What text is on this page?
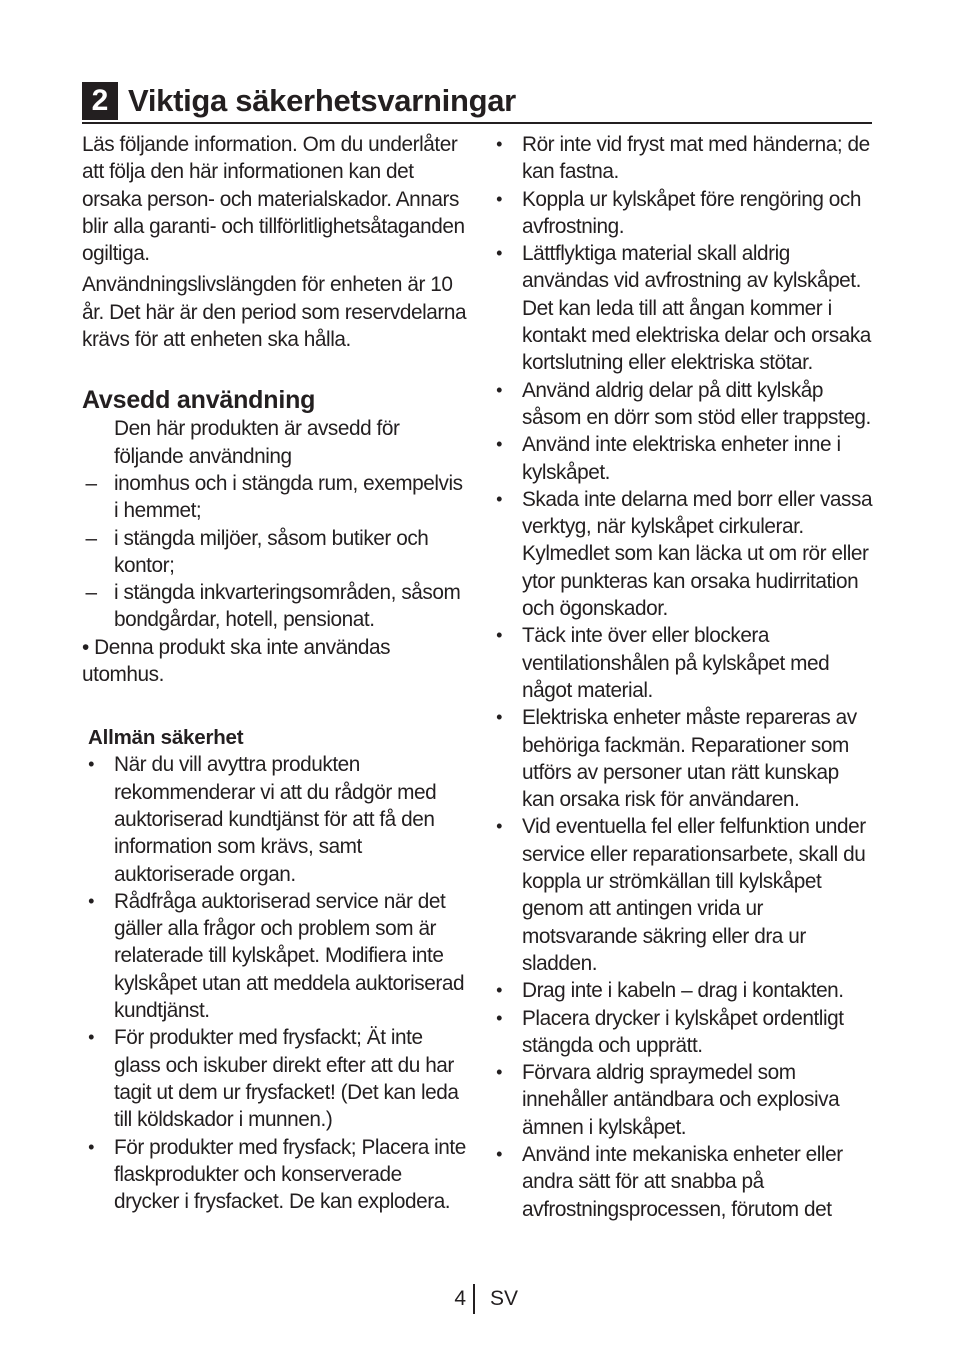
2 Viktiga säkerhetsvarningar

Läs följande information. Om du underlåter att följa den här informationen kan det orsaka person- och materialskador. Annars blir alla garanti- och tillförlitlighetsåtaganden ogiltiga.

Användningslivslängden för enheten är 10 år. Det här är den period som reservdelarna krävs för att enheten ska hålla.

Avsedd användning

Den här produkten är avsedd för följande användning

– inomhus och i stängda rum, exempelvis i hemmet;
– i stängda miljöer, såsom butiker och kontor;
– i stängda inkvarteringsområden, såsom bondgårdar, hotell, pensionat.

• Denna produkt ska inte användas utomhus.

Allmän säkerhet
• När du vill avyttra produkten rekommenderar vi att du rådgör med auktoriserad kundtjänst för att få den information som krävs, samt auktoriserade organ.
• Rådfråga auktoriserad service när det gäller alla frågor och problem som är relaterade till kylskåpet. Modifiera inte kylskåpet utan att meddela auktoriserad kundtjänst.
• För produkter med frysfackt; Ät inte glass och iskuber direkt efter att du har tagit ut dem ur frysfacket! (Det kan leda till köldskador i munnen.)
• För produkter med frysfack; Placera inte flaskprodukter och konserverade drycker i frysfacket. De kan explodera.
• Rör inte vid fryst mat med händerna; de kan fastna.
• Koppla ur kylskåpet före rengöring och avfrostning.
• Lättflyktiga material skall aldrig användas vid avfrostning av kylskåpet. Det kan leda till att ångan kommer i kontakt med elektriska delar och orsaka kortslutning eller elektriska stötar.
• Använd aldrig delar på ditt kylskåp såsom en dörr som stöd eller trappsteg.
• Använd inte elektriska enheter inne i kylskåpet.
• Skada inte delarna med borr eller vassa verktyg, när kylskåpet cirkulerar. Kylmedlet som kan läcka ut om rör eller ytor punkteras kan orsaka hudirritation och ögonskador.
• Täck inte över eller blockera ventilationshålen på kylskåpet med något material.
• Elektriska enheter måste repareras av behöriga fackmän. Reparationer som utförs av personer utan rätt kunskap kan orsaka risk för användaren.
• Vid eventuella fel eller felfunktion under service eller reparationsarbete, skall du koppla ur strömkällan till kylskåpet genom att antingen vrida ur motsvarande säkring eller dra ur sladden.
• Drag inte i kabeln – drag i kontakten.
• Placera drycker i kylskåpet ordentligt stängda och upprätt.
• Förvara aldrig spraymedel som innehåller antändbara och explosiva ämnen i kylskåpet.
• Använd inte mekaniska enheter eller andra sätt för att snabba på avfrostningsprocessen, förutom det
4 SV
